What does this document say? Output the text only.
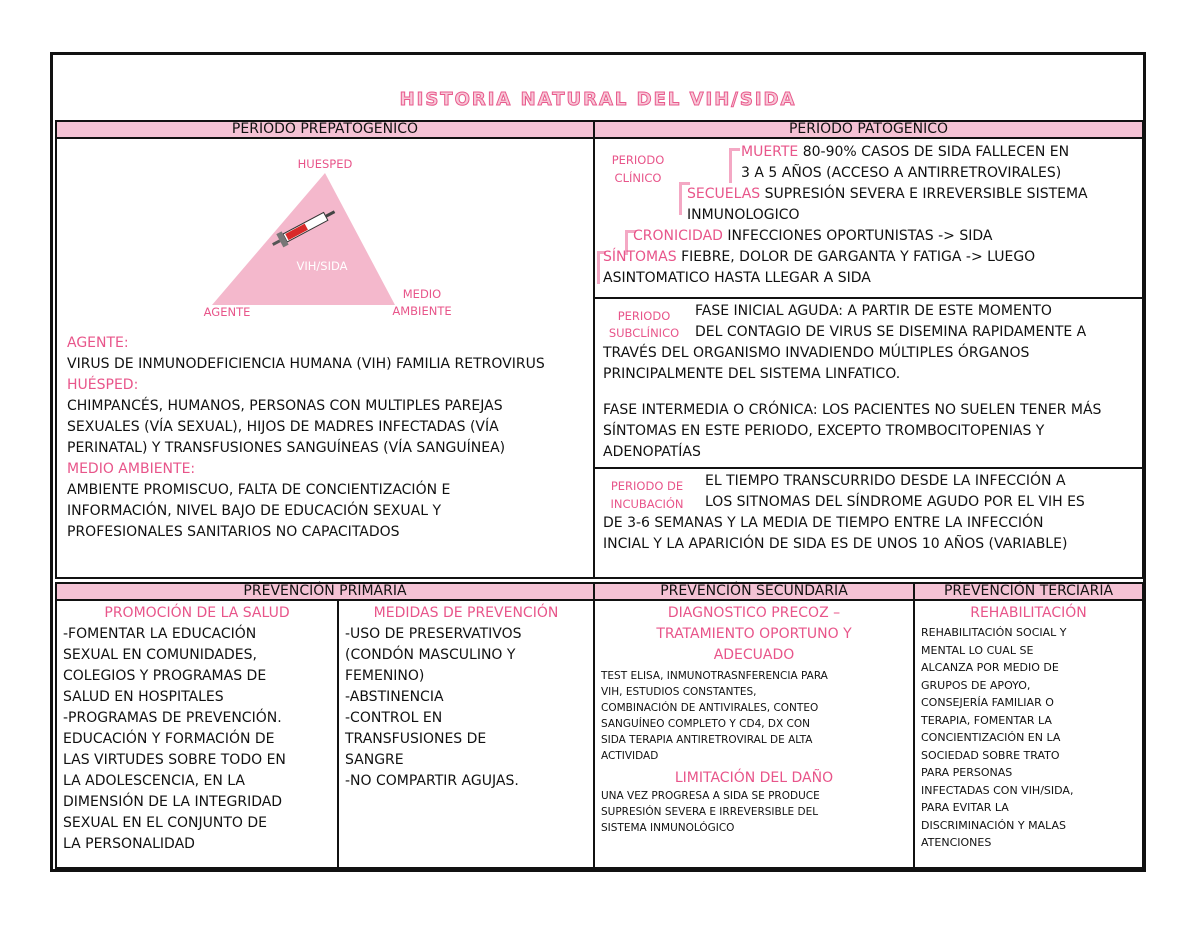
HISTORIA NATURAL DEL VIH/SIDA
PERIODO PREPATOGENICO	PERIODO PATOGENICO
HUESPED
VIH/SIDA
AGENTE
MEDIO
AMBIENTE
AGENTE:
VIRUS DE INMUNODEFICIENCIA HUMANA (VIH) FAMILIA RETROVIRUS
HUÉSPED:
CHIMPANCÉS, HUMANOS, PERSONAS CON MULTIPLES PAREJAS SEXUALES (VÍA SEXUAL), HIJOS DE MADRES INFECTADAS (VÍA PERINATAL) Y TRANSFUSIONES SANGUÍNEAS (VÍA SANGUÍNEA)
MEDIO AMBIENTE:
AMBIENTE PROMISCUO, FALTA DE CONCIENTIZACIÓN E INFORMACIÓN, NIVEL BAJO DE EDUCACIÓN SEXUAL Y PROFESIONALES SANITARIOS NO CAPACITADOS
PERIODO
CLÍNICO
MUERTE 80-90% CASOS DE SIDA FALLECEN EN
3 A 5 AÑOS (ACCESO A ANTIRRETROVIRALES)
SECUELAS SUPRESIÓN SEVERA E IRREVERSIBLE SISTEMA
INMUNOLOGICO
CRONICIDAD INFECCIONES OPORTUNISTAS -> SIDA
SÍNTOMAS FIEBRE, DOLOR DE GARGANTA Y FATIGA -> LUEGO
ASINTOMATICO HASTA LLEGAR A SIDA
PERIODO
SUBCLÍNICO
FASE INICIAL AGUDA: A PARTIR DE ESTE MOMENTO
DEL CONTAGIO DE VIRUS SE DISEMINA RAPIDAMENTE A
TRAVÉS DEL ORGANISMO INVADIENDO MÚLTIPLES ÓRGANOS
PRINCIPALMENTE DEL SISTEMA LINFATICO.
FASE INTERMEDIA O CRÓNICA: LOS PACIENTES NO SUELEN TENER MÁS
SÍNTOMAS EN ESTE PERIODO, EXCEPTO TROMBOCITOPENIAS Y
ADENOPATÍAS
PERIODO DE
INCUBACIÓN
EL TIEMPO TRANSCURRIDO DESDE LA INFECCIÓN A
LOS SITNOMAS DEL SÍNDROME AGUDO POR EL VIH ES
DE 3-6 SEMANAS Y LA MEDIA DE TIEMPO ENTRE LA INFECCIÓN
INCIAL Y LA APARICIÓN DE SIDA ES DE UNOS 10 AÑOS (VARIABLE)
PREVENCIÓN PRIMARIA	PREVENCIÓN SECUNDARIA	PREVENCIÓN TERCIARIA
PROMOCIÓN DE LA SALUD
-FOMENTAR LA EDUCACIÓN
SEXUAL EN COMUNIDADES,
COLEGIOS Y PROGRAMAS DE
SALUD EN HOSPITALES
-PROGRAMAS DE PREVENCIÓN.
EDUCACIÓN Y FORMACIÓN DE
LAS VIRTUDES SOBRE TODO EN
LA ADOLESCENCIA, EN LA
DIMENSIÓN DE LA INTEGRIDAD
SEXUAL EN EL CONJUNTO DE
LA PERSONALIDAD
MEDIDAS DE PREVENCIÓN
-USO DE PRESERVATIVOS
(CONDÓN MASCULINO Y
FEMENINO)
-ABSTINENCIA
-CONTROL EN
TRANSFUSIONES DE
SANGRE
-NO COMPARTIR AGUJAS.
DIAGNOSTICO PRECOZ –
TRATAMIENTO OPORTUNO Y
ADECUADO
TEST ELISA, INMUNOTRASNFERENCIA PARA
VIH, ESTUDIOS CONSTANTES,
COMBINACIÓN DE ANTIVIRALES, CONTEO
SANGUÍNEO COMPLETO Y CD4, DX CON
SIDA TERAPIA ANTIRETROVIRAL DE ALTA
ACTIVIDAD
LIMITACIÓN DEL DAÑO
UNA VEZ PROGRESA A SIDA SE PRODUCE
SUPRESIÓN SEVERA E IRREVERSIBLE DEL
SISTEMA INMUNOLÓGICO
REHABILITACIÓN
REHABILITACIÓN SOCIAL Y
MENTAL LO CUAL SE
ALCANZA POR MEDIO DE
GRUPOS DE APOYO,
CONSEJERÍA FAMILIAR O
TERAPIA, FOMENTAR LA
CONCIENTIZACIÓN EN LA
SOCIEDAD SOBRE TRATO
PARA PERSONAS
INFECTADAS CON VIH/SIDA,
PARA EVITAR LA
DISCRIMINACIÓN Y MALAS
ATENCIONES
